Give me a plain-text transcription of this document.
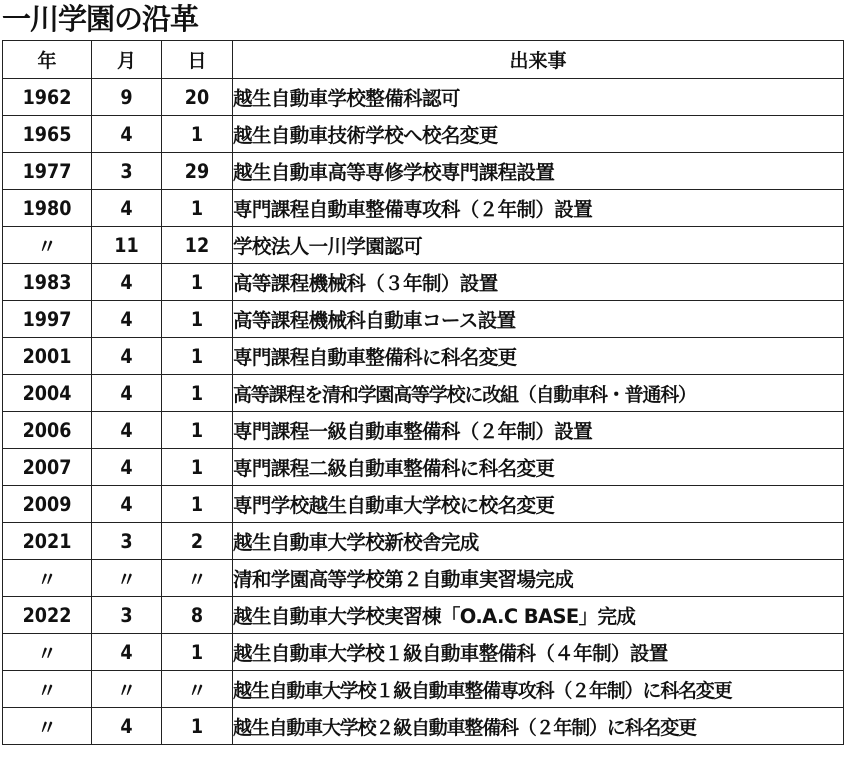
一川学園の沿革
年	月	日	出来事
1962	9	20	越生自動車学校整備科認可
1965	4	1	越生自動車技術学校へ校名変更
1977	3	29	越生自動車高等専修学校専門課程設置
1980	4	1	専門課程自動車整備専攻科（２年制）設置
〃	11	12	学校法人一川学園認可
1983	4	1	高等課程機械科（３年制）設置
1997	4	1	高等課程機械科自動車コース設置
2001	4	1	専門課程自動車整備科に科名変更
2004	4	1	高等課程を清和学園高等学校に改組（自動車科・普通科）
2006	4	1	専門課程一級自動車整備科（２年制）設置
2007	4	1	専門課程二級自動車整備科に科名変更
2009	4	1	専門学校越生自動車大学校に校名変更
2021	3	2	越生自動車大学校新校舎完成
〃	〃	〃	清和学園高等学校第２自動車実習場完成
2022	3	8	越生自動車大学校実習棟「O.A.C BASE」完成
〃	4	1	越生自動車大学校１級自動車整備科（４年制）設置
〃	〃	〃	越生自動車大学校１級自動車整備専攻科（２年制）に科名変更
〃	4	1	越生自動車大学校２級自動車整備科（２年制）に科名変更
